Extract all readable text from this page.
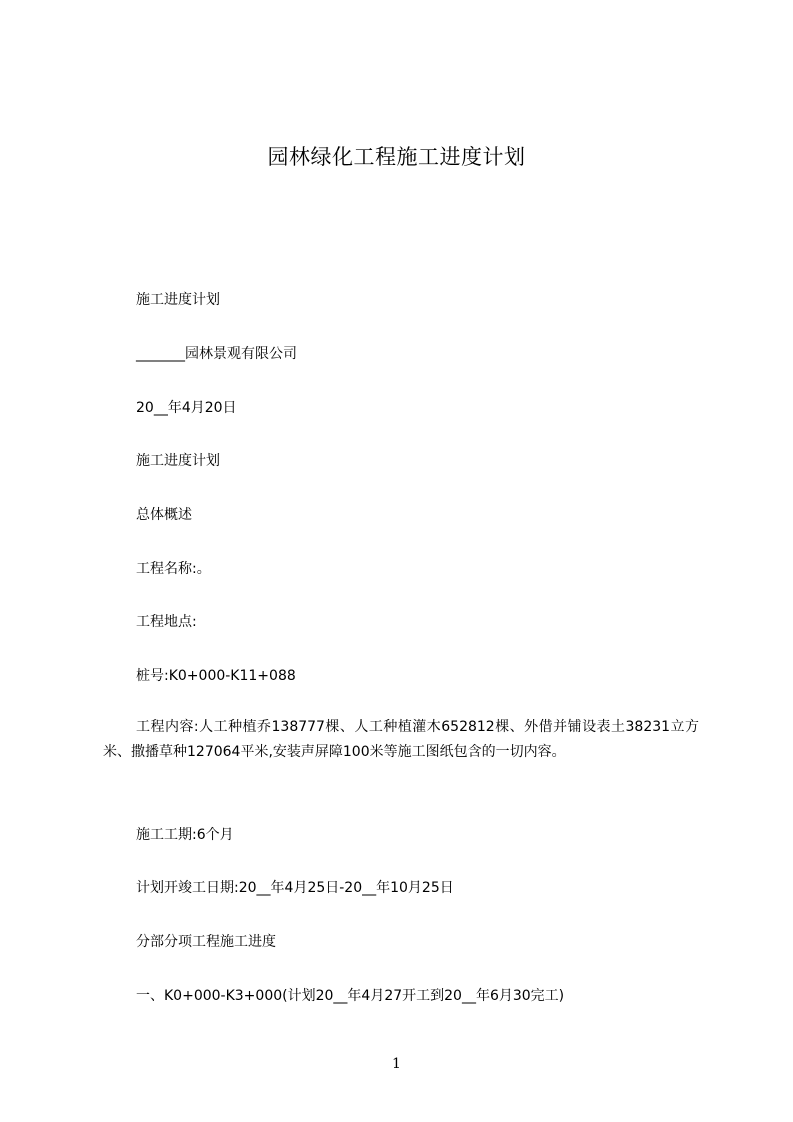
园林绿化工程施工进度计划
施工进度计划
_______园林景观有限公司
20__年4月20日
施工进度计划
总体概述
工程名称:。
工程地点:
桩号:K0+000-K11+088
工程内容:人工种植乔138777棵、人工种植灌木652812棵、外借并铺设表土38231立方米、撒播草种127064平米,安装声屏障100米等施工图纸包含的一切内容。
施工工期:6个月
计划开竣工日期:20__年4月25日-20__年10月25日
分部分项工程施工进度
一、K0+000-K3+000(计划20__年4月27开工到20__年6月30完工)
1
